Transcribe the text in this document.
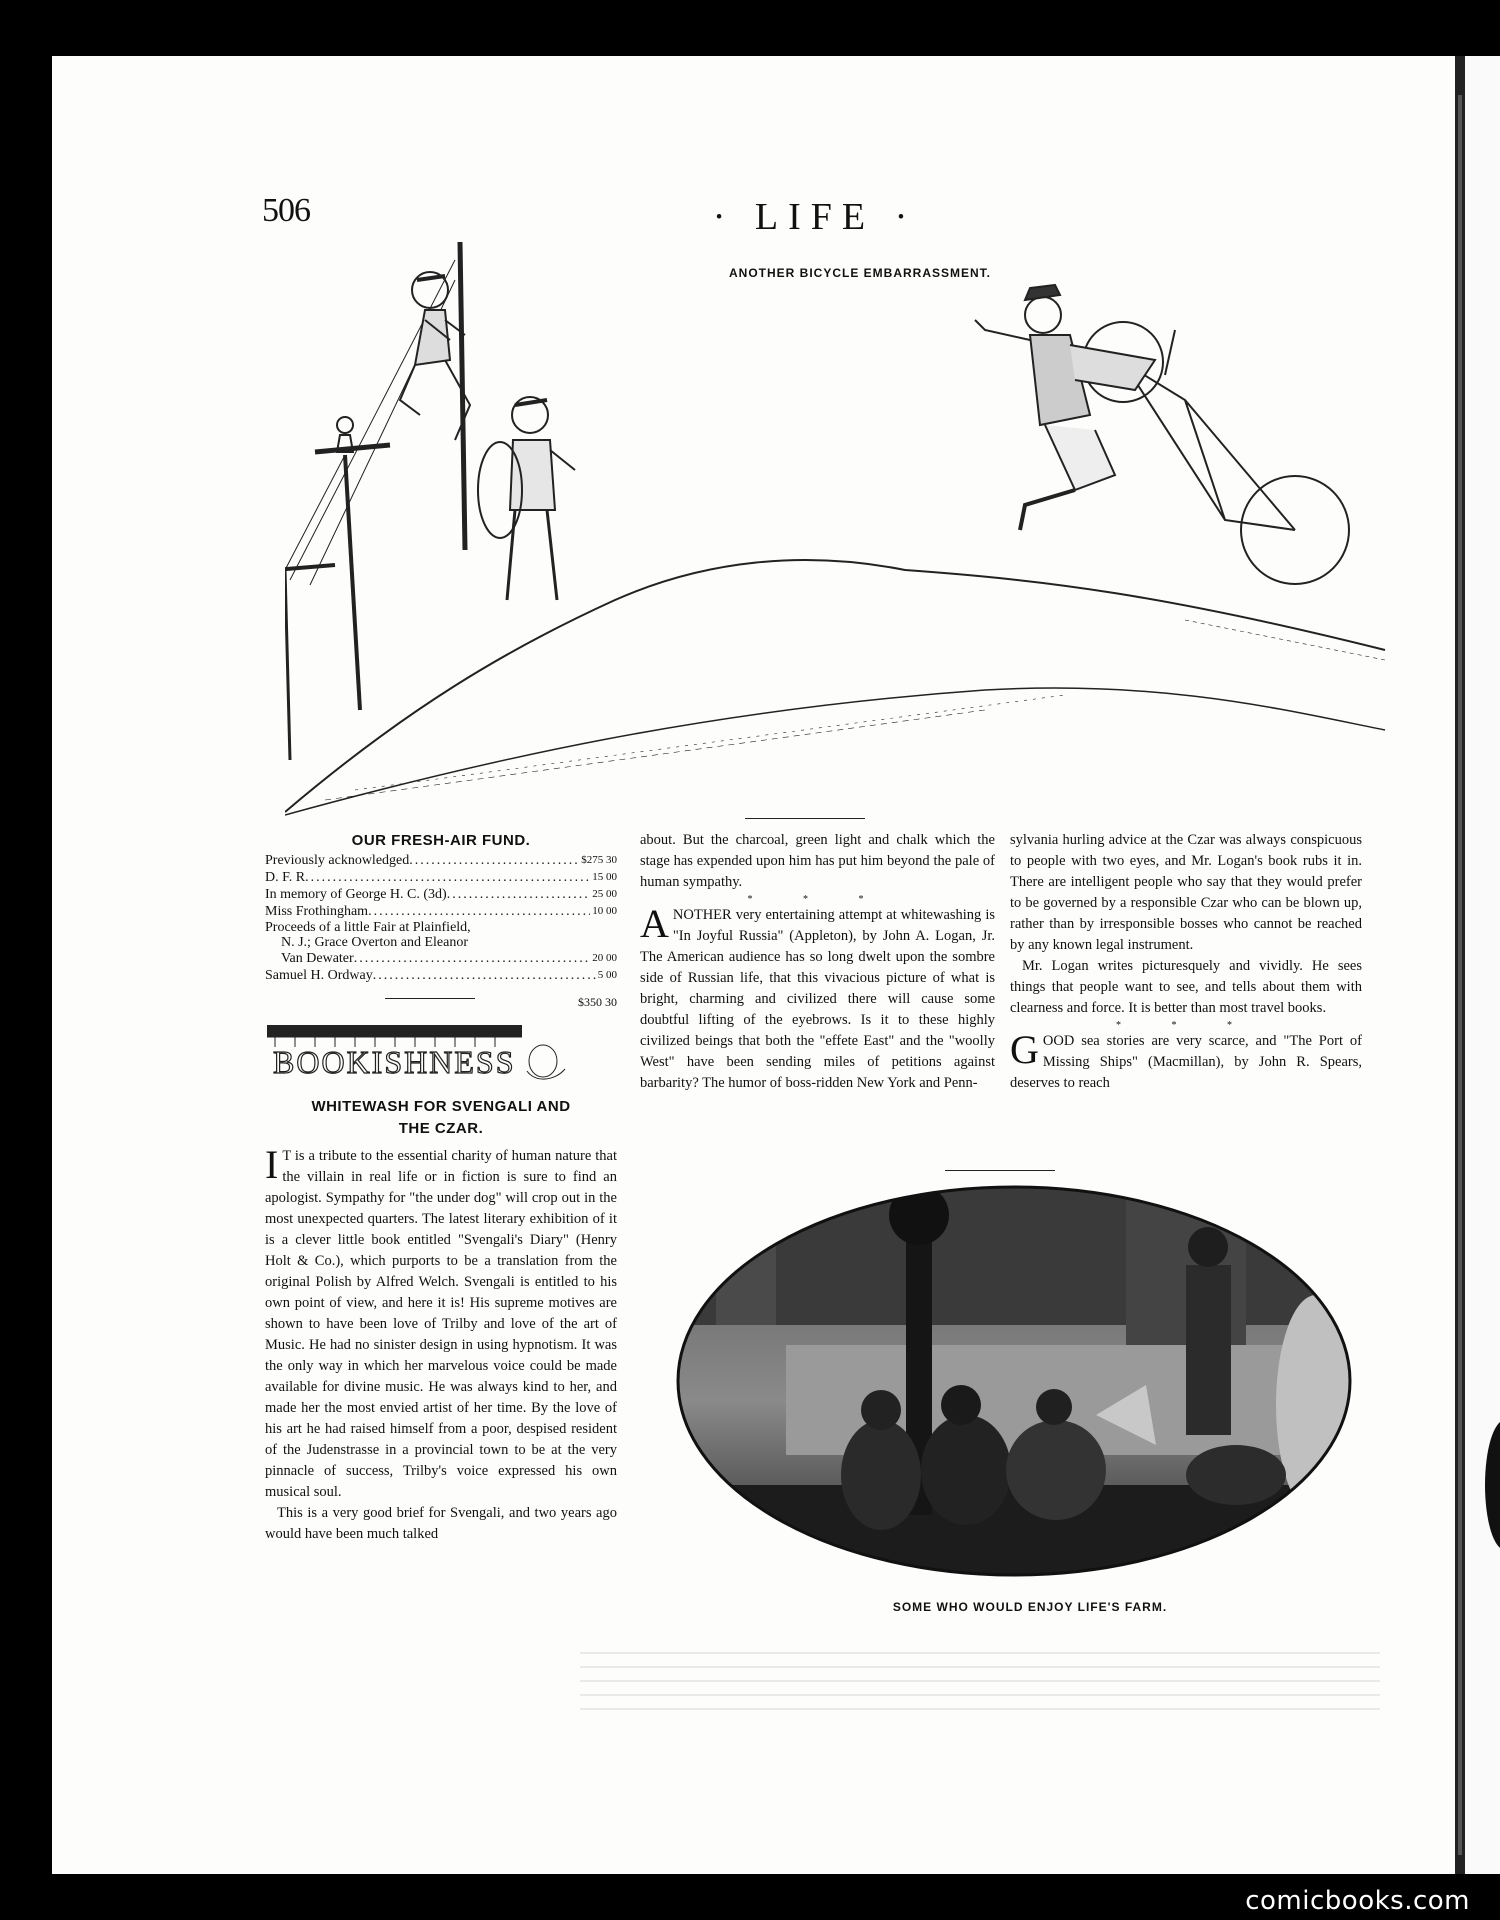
506	· LIFE ·
ANOTHER BICYCLE EMBARRASSMENT.
OUR FRESH-AIR FUND.
Previously acknowledged .....	$275 30
D. F. R .....	15 00
In memory of George H. C. (3d) .....	25 00
Miss Frothingham .....	10 00
Proceeds of a little Fair at Plainfield,
N. J.; Grace Overton and Eleanor
Van Dewater .....	20 00
Samuel H. Ordway .....	5 00
$350 30
BOOKISHNESS
WHITEWASH FOR SVENGALI AND
THE CZAR.

I T is a tribute to the essential charity of human nature that the villain in real life or in fiction is sure to find an apologist. Sympathy for "the under dog" will crop out in the most unexpected quarters. The latest literary exhibition of it is a clever little book entitled "Svengali's Diary" (Henry Holt & Co.), which purports to be a translation from the original Polish by Alfred Welch. Svengali is entitled to his own point of view, and here it is! His supreme motives are shown to have been love of Trilby and love of the art of Music. He had no sinister design in using hypnotism. It was the only way in which her marvelous voice could be made available for divine music. He was always kind to her, and made her the most envied artist of her time. By the love of his art he had raised himself from a poor, despised resident of the Judenstrasse in a provincial town to be at the very pinnacle of success, Trilby's voice expressed his own musical soul.

This is a very good brief for Svengali, and two years ago would have been much talked

about. But the charcoal, green light and chalk which the stage has expended upon him has put him beyond the pale of human sympathy.

* * *

ANOTHER very entertaining attempt at whitewashing is "In Joyful Russia" (Appleton), by John A. Logan, Jr. The American audience has so long dwelt upon the sombre side of Russian life, that this vivacious picture of what is bright, charming and civilized there will cause some doubtful lifting of the eyebrows. Is it to these highly civilized beings that both the "effete East" and the "woolly West" have been sending miles of petitions against barbarity? The humor of boss-ridden New York and Penn-

sylvania hurling advice at the Czar was always conspicuous to people with two eyes, and Mr. Logan's book rubs it in. There are intelligent people who say that they would prefer to be governed by a responsible Czar who can be blown up, rather than by irresponsible bosses who cannot be reached by any known legal instrument.

Mr. Logan writes picturesquely and vividly. He sees things that people want to see, and tells about them with clearness and force. It is better than most travel books.

* * *

GOOD sea stories are very scarce, and "The Port of Missing Ships" (Macmillan), by John R. Spears, deserves to reach

SOME WHO WOULD ENJOY LIFE'S FARM.
comicbooks.com
